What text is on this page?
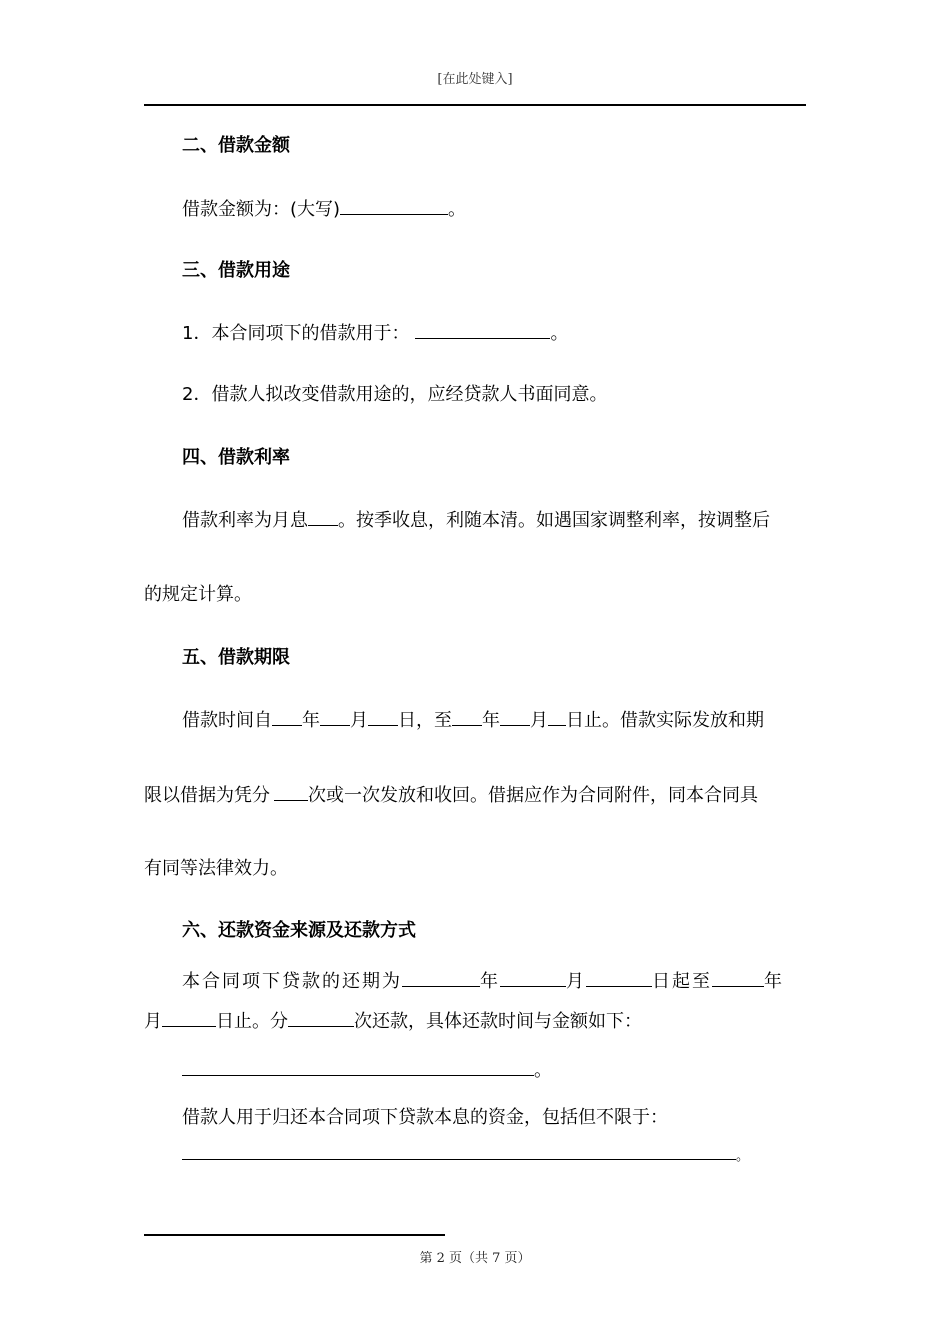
[在此处键入]
二、借款金额
借款金额为：(大写)	。
三、借款用途
1．本合同项下的借款用于：	。
2．借款人拟改变借款用途的，应经贷款人书面同意。
四、借款利率
借款利率为月息 。按季收息，利随本清。如遇国家调整利率，按调整后
的规定计算。
五、借款期限
借款时间自 年 月 日，至 年 月 日止。借款实际发放和期
限以借据为凭分 次或一次发放和收回。借据应作为合同附件，同本合同具
有同等法律效力。
六、还款资金来源及还款方式
本合同项下贷款的还期为	年	月	日起至	年
月	日止。分	次还款，具体还款时间与金额如下：
。
借款人用于归还本合同项下贷款本息的资金，包括但不限于：
。
第 2 页（共 7 页）
